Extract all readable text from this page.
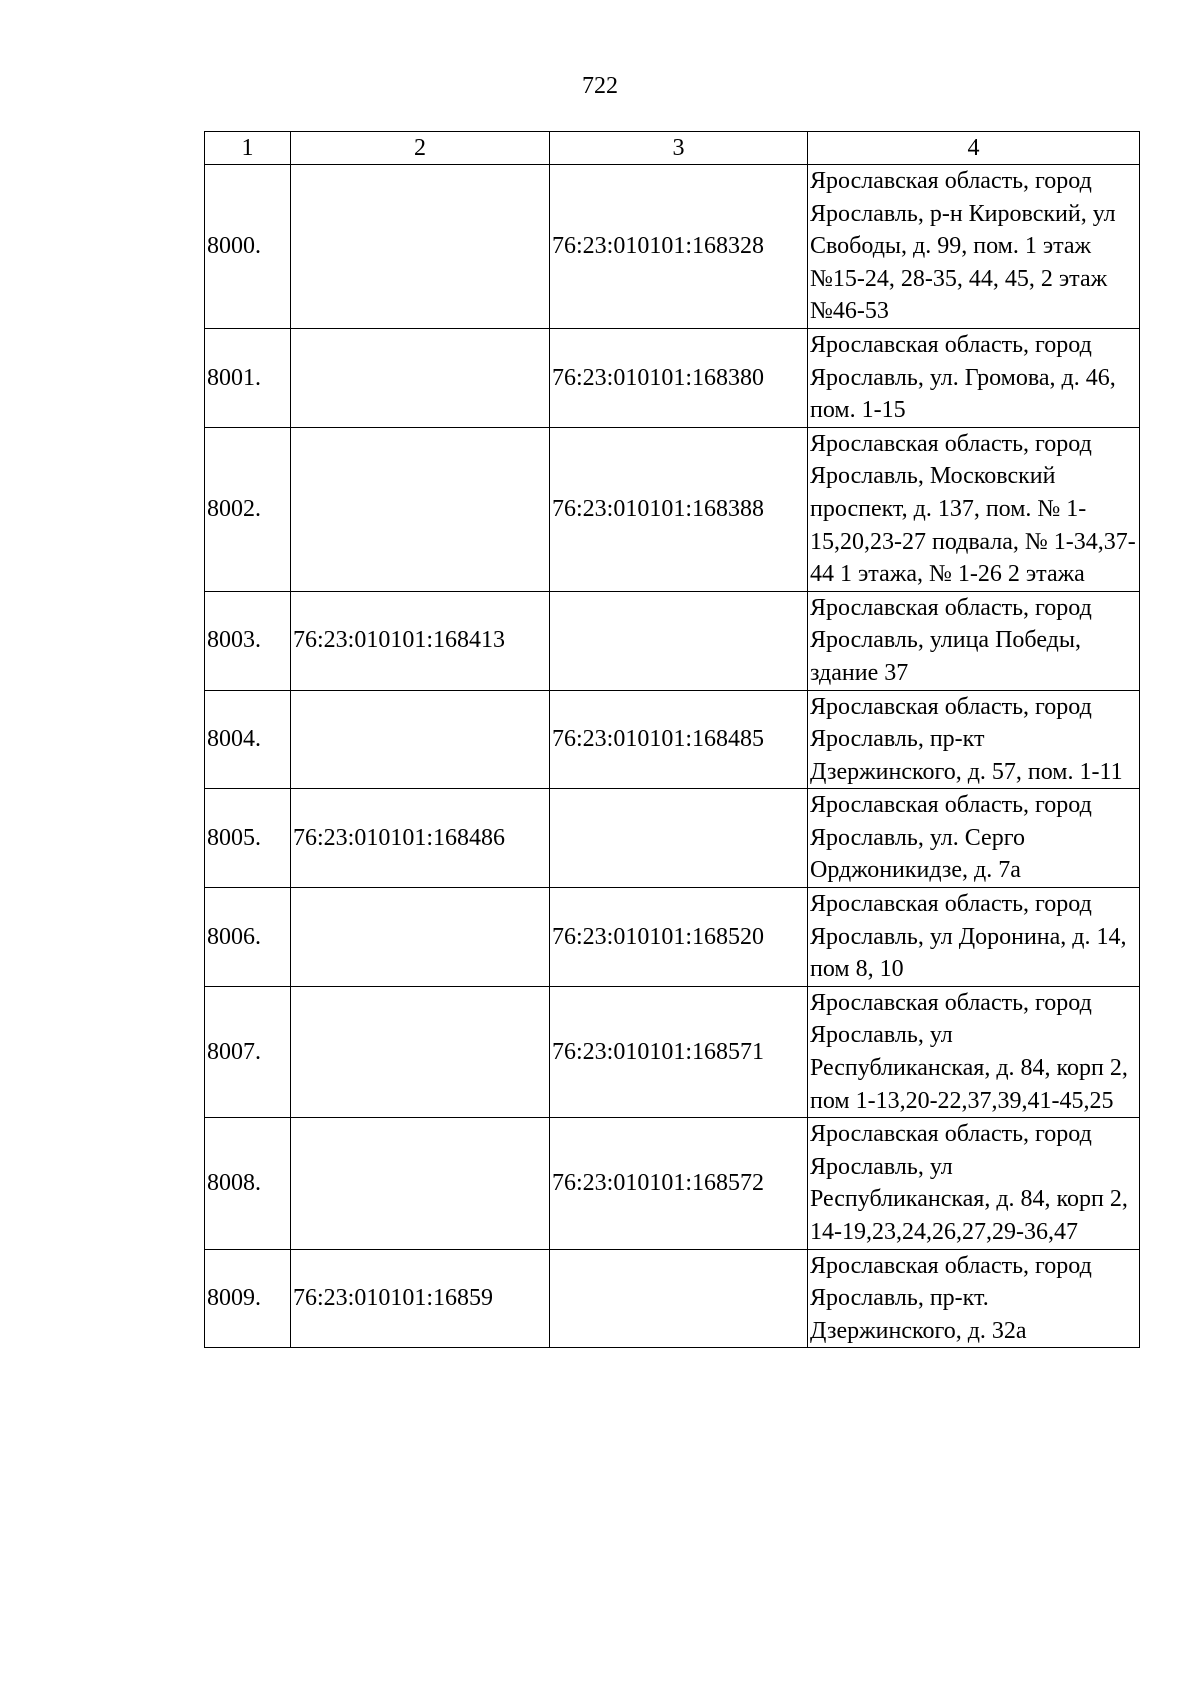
722
1	2	3	4
8000.		76:23:010101:168328	Ярославская область, город Ярославль, р-н Кировский, ул Свободы, д. 99, пом. 1 этаж №15-24, 28-35, 44, 45, 2 этаж №46-53
8001.		76:23:010101:168380	Ярославская область, город Ярославль, ул. Громова, д. 46, пом. 1-15
8002.		76:23:010101:168388	Ярославская область, город Ярославль, Московский проспект, д. 137, пом. № 1-15,20,23-27 подвала, № 1-34,37-44 1 этажа, № 1-26 2 этажа
8003.	76:23:010101:168413		Ярославская область, город Ярославль, улица Победы, здание 37
8004.		76:23:010101:168485	Ярославская область, город Ярославль, пр-кт Дзержинского, д. 57, пом. 1-11
8005.	76:23:010101:168486		Ярославская область, город Ярославль, ул. Серго Орджоникидзе, д. 7а
8006.		76:23:010101:168520	Ярославская область, город Ярославль, ул Доронина, д. 14, пом 8, 10
8007.		76:23:010101:168571	Ярославская область, город Ярославль, ул Республиканская, д. 84, корп 2, пом 1-13,20-22,37,39,41-45,25
8008.		76:23:010101:168572	Ярославская область, город Ярославль, ул Республиканская, д. 84, корп 2, 14-19,23,24,26,27,29-36,47
8009.	76:23:010101:16859		Ярославская область, город Ярославль, пр-кт. Дзержинского, д. 32а
